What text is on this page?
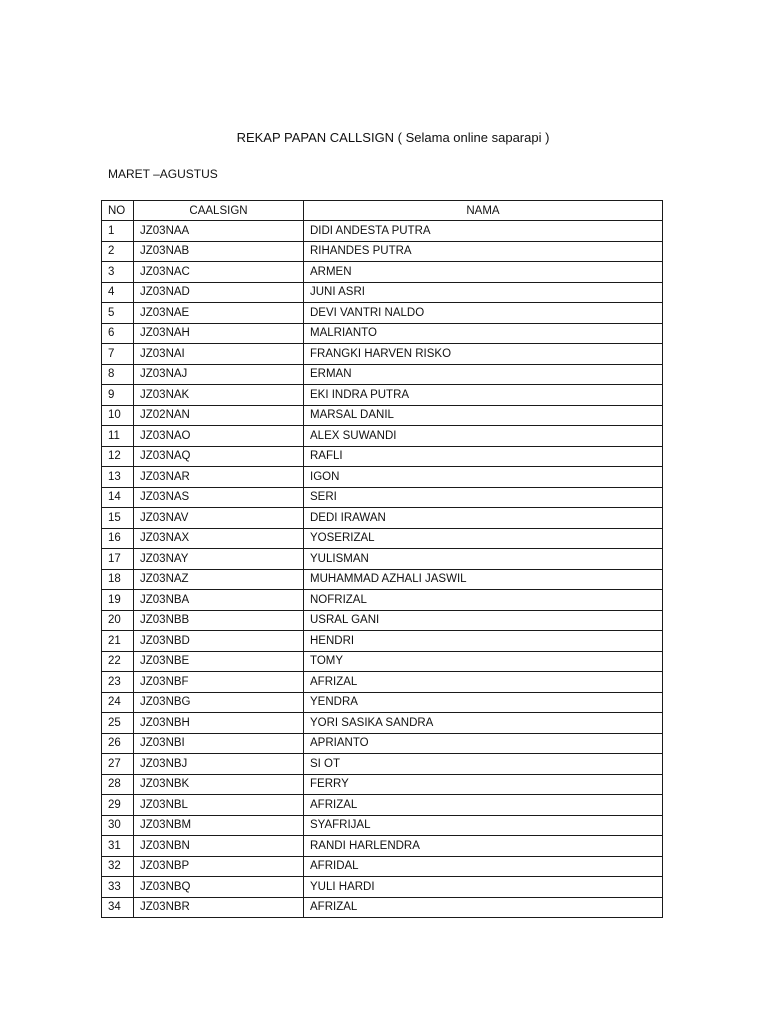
REKAP PAPAN CALLSIGN ( Selama online saparapi )
MARET –AGUSTUS
NO	CAALSIGN	NAMA
1	JZ03NAA	DIDI ANDESTA PUTRA
2	JZ03NAB	RIHANDES PUTRA
3	JZ03NAC	ARMEN
4	JZ03NAD	JUNI ASRI
5	JZ03NAE	DEVI VANTRI NALDO
6	JZ03NAH	MALRIANTO
7	JZ03NAI	FRANGKI HARVEN RISKO
8	JZ03NAJ	ERMAN
9	JZ03NAK	EKI INDRA PUTRA
10	JZ02NAN	MARSAL DANIL
11	JZ03NAO	ALEX SUWANDI
12	JZ03NAQ	RAFLI
13	JZ03NAR	IGON
14	JZ03NAS	SERI
15	JZ03NAV	DEDI IRAWAN
16	JZ03NAX	YOSERIZAL
17	JZ03NAY	YULISMAN
18	JZ03NAZ	MUHAMMAD AZHALI JASWIL
19	JZ03NBA	NOFRIZAL
20	JZ03NBB	USRAL GANI
21	JZ03NBD	HENDRI
22	JZ03NBE	TOMY
23	JZ03NBF	AFRIZAL
24	JZ03NBG	YENDRA
25	JZ03NBH	YORI SASIKA SANDRA
26	JZ03NBI	APRIANTO
27	JZ03NBJ	SI OT
28	JZ03NBK	FERRY
29	JZ03NBL	AFRIZAL
30	JZ03NBM	SYAFRIJAL
31	JZ03NBN	RANDI HARLENDRA
32	JZ03NBP	AFRIDAL
33	JZ03NBQ	YULI HARDI
34	JZ03NBR	AFRIZAL
